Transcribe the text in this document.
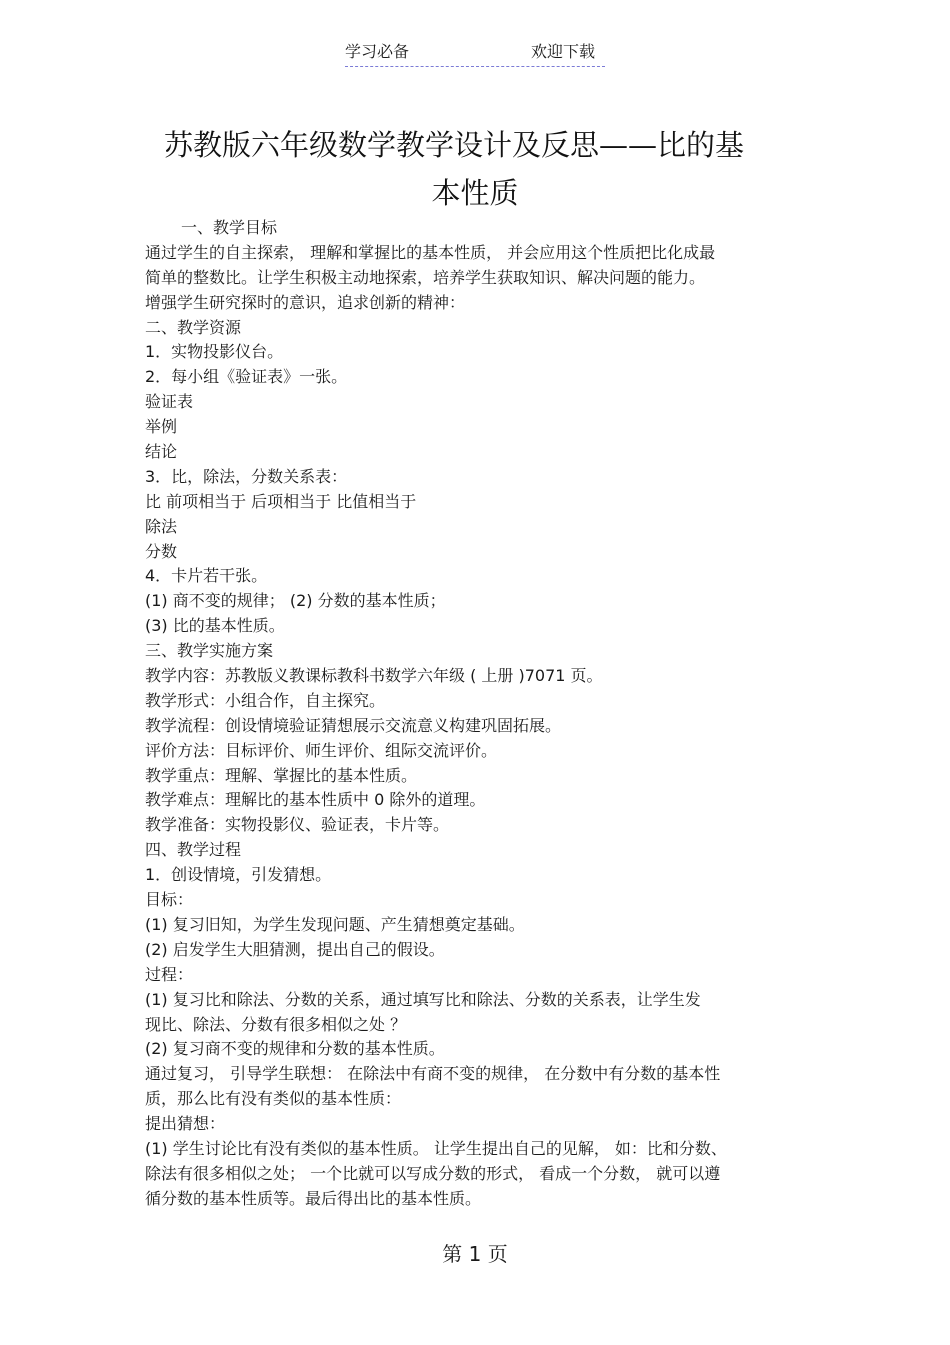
学习必备	欢迎下载
苏教版六年级数学教学设计及反思——比的基
本性质
一、教学目标
通过学生的自主探索， 理解和掌握比的基本性质， 并会应用这个性质把比化成最
简单的整数比。让学生积极主动地探索，培养学生获取知识、解决问题的能力。
增强学生研究探时的意识，追求创新的精神：
二、教学资源
1．实物投影仪台。
2．每小组《验证表》一张。
验证表
举例
结论
3．比，除法，分数关系表：
比 前项相当于 后项相当于 比值相当于
除法
分数
4．卡片若干张。
(1) 商不变的规律； (2) 分数的基本性质；
(3) 比的基本性质。
三、教学实施方案
教学内容：苏教版义教课标教科书数学六年级 ( 上册 )7071 页。
教学形式：小组合作，自主探究。
教学流程：创设情境验证猜想展示交流意义构建巩固拓展。
评价方法：目标评价、师生评价、组际交流评价。
教学重点：理解、掌握比的基本性质。
教学难点：理解比的基本性质中 0 除外的道理。
教学准备：实物投影仪、验证表，卡片等。
四、教学过程
1．创设情境，引发猜想。
目标：
(1) 复习旧知，为学生发现问题、产生猜想奠定基础。
(2) 启发学生大胆猜测，提出自己的假设。
过程：
(1) 复习比和除法、分数的关系，通过填写比和除法、分数的关系表，让学生发
现比、除法、分数有很多相似之处 ？
(2) 复习商不变的规律和分数的基本性质。
通过复习， 引导学生联想： 在除法中有商不变的规律， 在分数中有分数的基本性
质，那么比有没有类似的基本性质：
提出猜想：
(1) 学生讨论比有没有类似的基本性质。 让学生提出自己的见解， 如：比和分数、
除法有很多相似之处； 一个比就可以写成分数的形式， 看成一个分数， 就可以遵
循分数的基本性质等。最后得出比的基本性质。
第 1 页
